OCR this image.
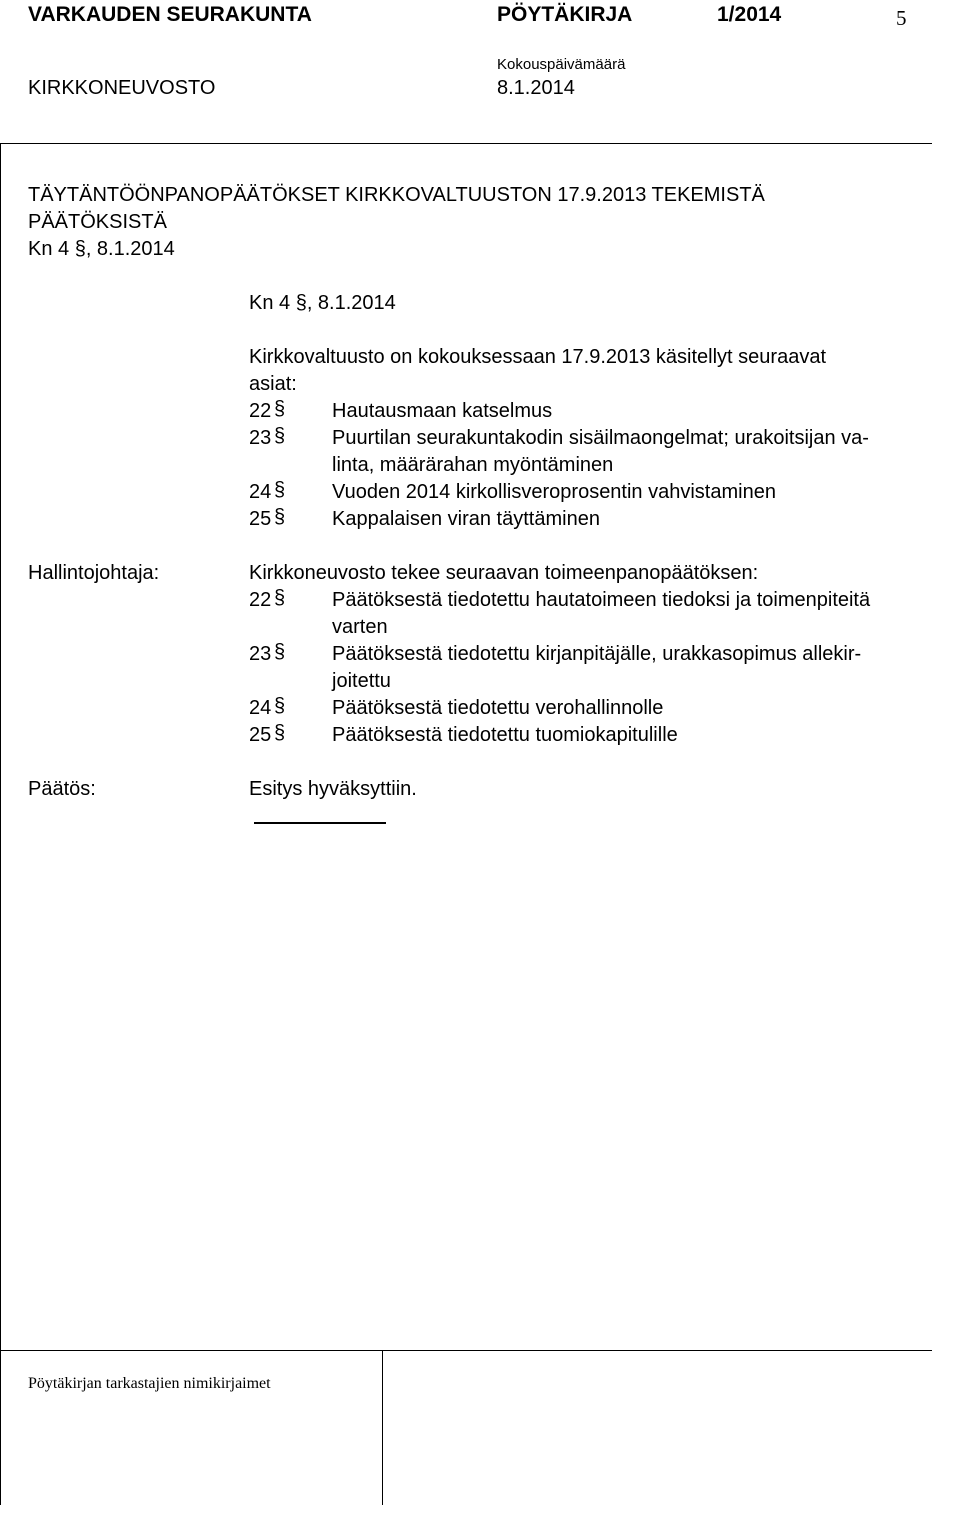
VARKAUDEN SEURAKUNTA	PÖYTÄKIRJA	1/2014	5
Kokouspäivämäärä
KIRKKONEUVOSTO	8.1.2014
TÄYTÄNTÖÖNPANOPÄÄTÖKSET KIRKKOVALTUUSTON 17.9.2013 TEKEMISTÄ
PÄÄTÖKSISTÄ
Kn 4 §, 8.1.2014
Kn 4 §, 8.1.2014
Kirkkovaltuusto on kokouksessaan 17.9.2013 käsitellyt seuraavat
asiat:
22 § Hautausmaan katselmus
23 § Puurtilan seurakuntakodin sisäilmaongelmat; urakoitsijan va-
linta, määrärahan myöntäminen
24 § Vuoden 2014 kirkollisveroprosentin vahvistaminen
25 § Kappalaisen viran täyttäminen
Hallintojohtaja:	Kirkkoneuvosto tekee seuraavan toimeenpanopäätöksen:
22 § Päätöksestä tiedotettu hautatoimeen tiedoksi ja toimenpiteitä
varten
23 § Päätöksestä tiedotettu kirjanpitäjälle, urakkasopimus allekir-
joitettu
24 § Päätöksestä tiedotettu verohallinnolle
25 § Päätöksestä tiedotettu tuomiokapitulille
Päätös:	Esitys hyväksyttiin.
Pöytäkirjan tarkastajien nimikirjaimet
